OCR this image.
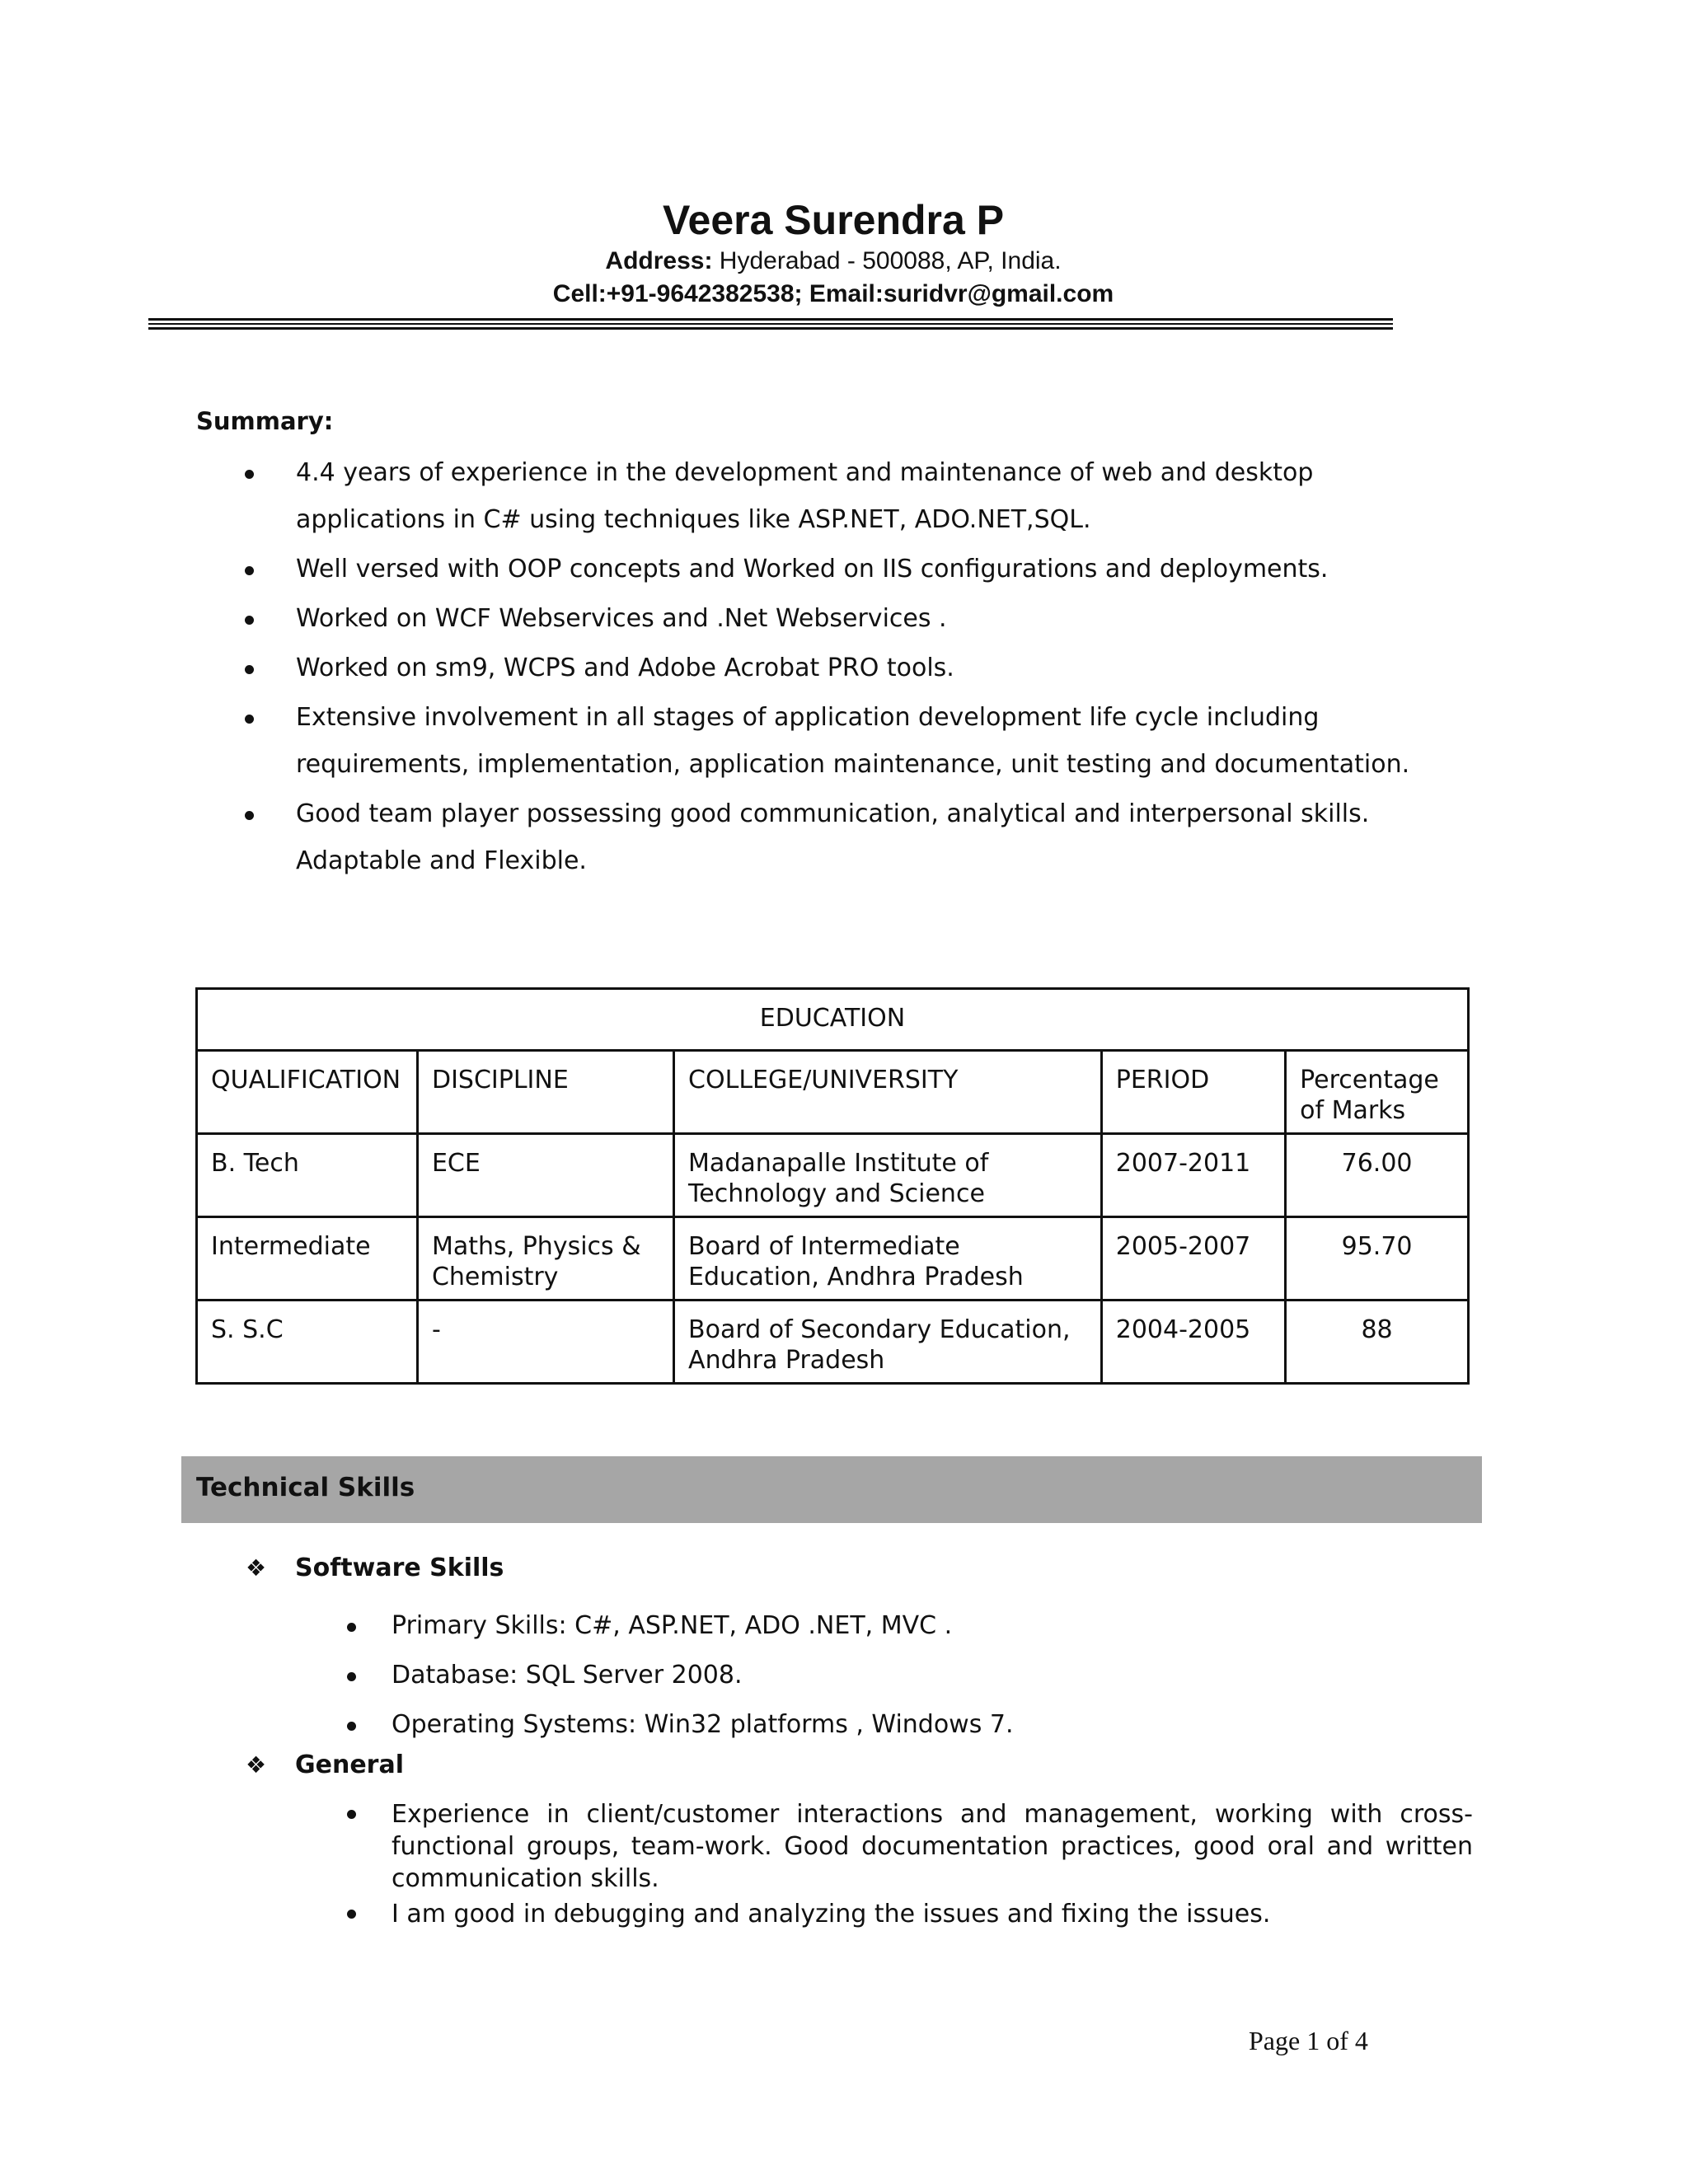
Veera Surendra P
Address: Hyderabad - 500088, AP, India.
Cell:+91-9642382538; Email:suridvr@gmail.com
Summary:
4.4 years of experience in the development and maintenance of web and desktop applications in C# using techniques like ASP.NET, ADO.NET,SQL.
Well versed with OOP concepts and Worked on IIS configurations and deployments.
Worked on WCF Webservices and .Net Webservices .
Worked on sm9, WCPS and Adobe Acrobat PRO tools.
Extensive involvement in all stages of application development life cycle including requirements, implementation, application maintenance, unit testing and documentation.
Good team player possessing good communication, analytical and interpersonal skills. Adaptable and Flexible.
EDUCATION				
QUALIFICATION	DISCIPLINE	COLLEGE/UNIVERSITY	PERIOD	Percentage of Marks
B. Tech	ECE	Madanapalle Institute of Technology and Science	2007-2011	76.00
Intermediate	Maths, Physics & Chemistry	Board of Intermediate Education, Andhra Pradesh	2005-2007	95.70
S. S.C	-	Board of Secondary Education, Andhra Pradesh	2004-2005	88
Technical Skills
❖ Software Skills
Primary Skills: C#, ASP.NET, ADO .NET, MVC .
Database: SQL Server 2008.
Operating Systems: Win32 platforms , Windows 7.
❖ General
Experience in client/customer interactions and management, working with cross-functional groups, team-work. Good documentation practices, good oral and written communication skills.
I am good in debugging and analyzing the issues and fixing the issues.
Page 1 of 4
